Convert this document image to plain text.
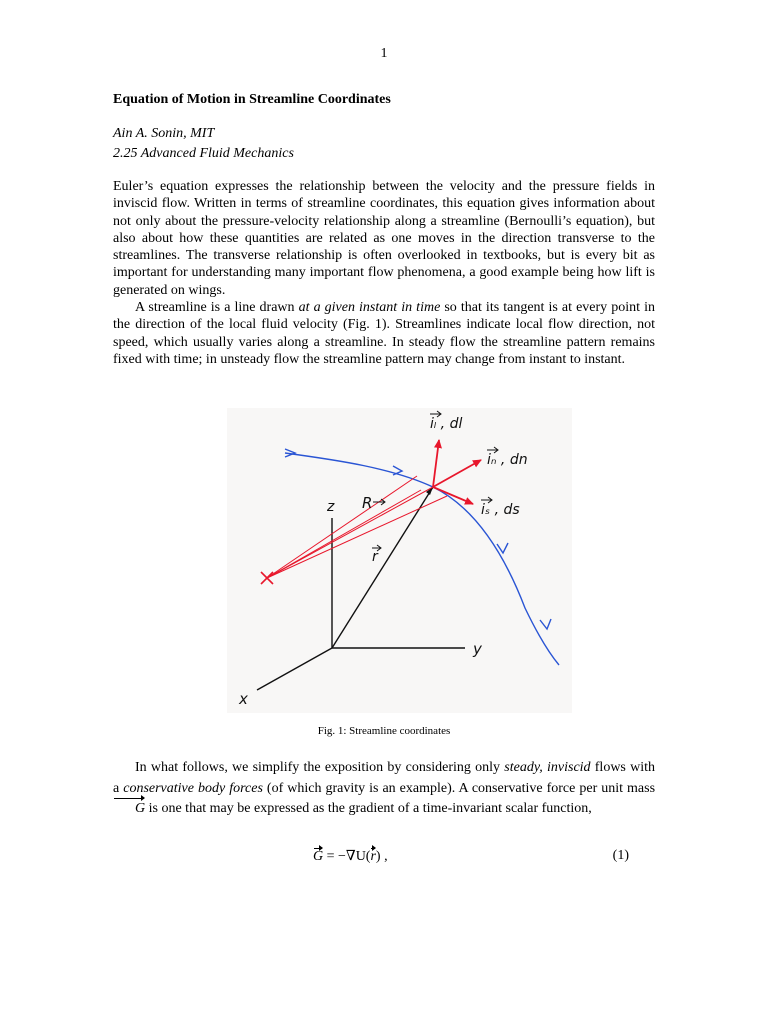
1
Equation of Motion in Streamline Coordinates
Ain A. Sonin, MIT
2.25 Advanced Fluid Mechanics

Euler’s equation expresses the relationship between the velocity and the pressure fields in inviscid flow. Written in terms of streamline coordinates, this equation gives information about not only about the pressure-velocity relationship along a streamline (Bernoulli’s equation), but also about how these quantities are related as one moves in the direction transverse to the streamlines. The transverse relationship is often overlooked in textbooks, but is every bit as important for understanding many important flow phenomena, a good example being how lift is generated on wings.

A streamline is a line drawn at a given instant in time so that its tangent is at every point in the direction of the local fluid velocity (Fig. 1). Streamlines indicate local flow direction, not speed, which usually varies along a streamline. In steady flow the streamline pattern remains fixed with time; in unsteady flow the streamline pattern may change from instant to instant.

iₗ , dl
iₙ , dn
iₛ , ds
R
r
z
y
x
Fig. 1: Streamline coordinates

In what follows, we simplify the exposition by considering only steady, inviscid flows with a conservative body forces (of which gravity is an example). A conservative force per unit mass G is one that may be expressed as the gradient of a time-invariant scalar function,

G = −∇U(r) ,	(1)
